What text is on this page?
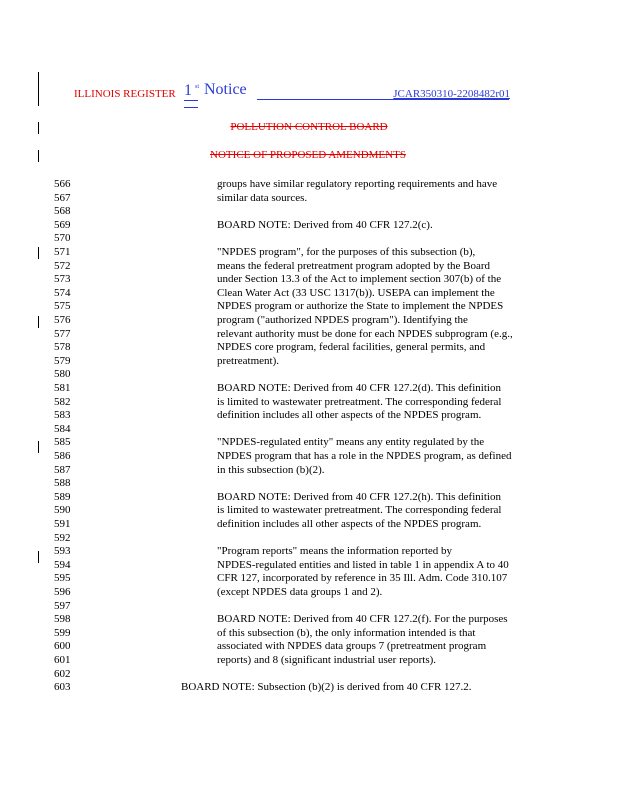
ILLINOIS REGISTER 1 st Notice	JCAR350310-2208482r01
POLLUTION CONTROL BOARD
NOTICE OF PROPOSED AMENDMENTS
566	groups have similar regulatory reporting requirements and have
567	similar data sources.
568
569	BOARD NOTE: Derived from 40 CFR 127.2(c).
570
571	"NPDES program", for the purposes of this subsection (b),
572	means the federal pretreatment program adopted by the Board
573	under Section 13.3 of the Act to implement section 307(b) of the
574	Clean Water Act (33 USC 1317(b)). USEPA can implement the
575	NPDES program or authorize the State to implement the NPDES
576	program ("authorized NPDES program"). Identifying the
577	relevant authority must be done for each NPDES subprogram (e.g.,
578	NPDES core program, federal facilities, general permits, and
579	pretreatment).
580
581	BOARD NOTE: Derived from 40 CFR 127.2(d). This definition
582	is limited to wastewater pretreatment. The corresponding federal
583	definition includes all other aspects of the NPDES program.
584
585	"NPDES-regulated entity" means any entity regulated by the
586	NPDES program that has a role in the NPDES program, as defined
587	in this subsection (b)(2).
588
589	BOARD NOTE: Derived from 40 CFR 127.2(h). This definition
590	is limited to wastewater pretreatment. The corresponding federal
591	definition includes all other aspects of the NPDES program.
592
593	"Program reports" means the information reported by
594	NPDES-regulated entities and listed in table 1 in appendix A to 40
595	CFR 127, incorporated by reference in 35 Ill. Adm. Code 310.107
596	(except NPDES data groups 1 and 2).
597
598	BOARD NOTE: Derived from 40 CFR 127.2(f). For the purposes
599	of this subsection (b), the only information intended is that
600	associated with NPDES data groups 7 (pretreatment program
601	reports) and 8 (significant industrial user reports).
602
603	BOARD NOTE: Subsection (b)(2) is derived from 40 CFR 127.2.
